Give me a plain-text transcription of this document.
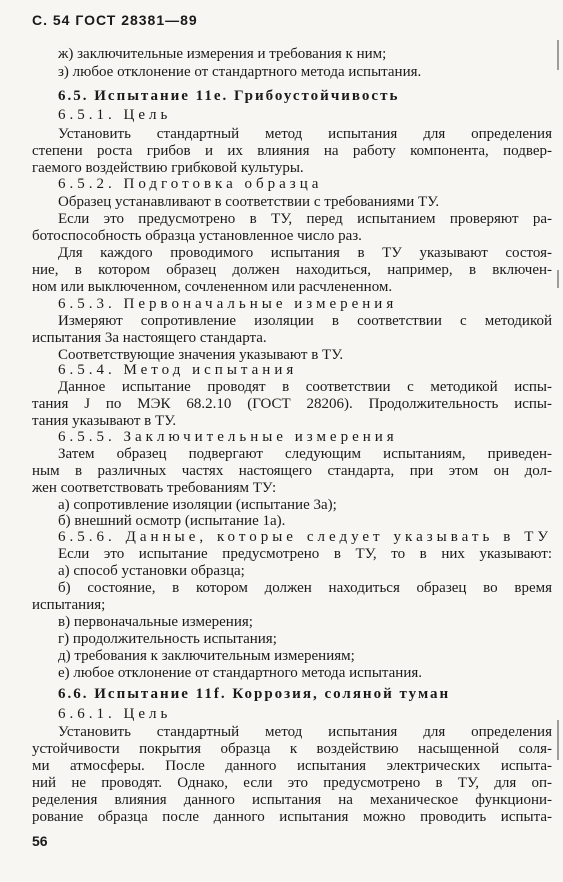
С. 54 ГОСТ 28381—89
ж) заключительные измерения и требования к ним;
з) любое отклонение от стандартного метода испытания.
6.5. Испытание 11е. Грибоустойчивость
6.5.1. Цель
Установить стандартный метод испытания для определения
степени роста грибов и их влияния на работу компонента, подвер-
гаемого воздействию грибковой культуры.
6.5.2. Подготовка образца
Образец устанавливают в соответствии с требованиями ТУ.
Если это предусмотрено в ТУ, перед испытанием проверяют ра-
ботоспособность образца установленное число раз.
Для каждого проводимого испытания в ТУ указывают состоя-
ние, в котором образец должен находиться, например, в включен-
ном или выключенном, сочлененном или расчлененном.
6.5.3. Первоначальные измерения
Измеряют сопротивление изоляции в соответствии с методикой
испытания 3а настоящего стандарта.
Соответствующие значения указывают в ТУ.
6.5.4. Метод испытания
Данное испытание проводят в соответствии с методикой испы-
тания J по МЭК 68.2.10 (ГОСТ 28206). Продолжительность испы-
тания указывают в ТУ.
6.5.5. Заключительные измерения
Затем образец подвергают следующим испытаниям, приведен-
ным в различных частях настоящего стандарта, при этом он дол-
жен соответствовать требованиям ТУ:
а) сопротивление изоляции (испытание 3а);
б) внешний осмотр (испытание 1а).
6.5.6. Данные, которые следует указывать в ТУ
Если это испытание предусмотрено в ТУ, то в них указывают:
а) способ установки образца;
б) состояние, в котором должен находиться образец во время
испытания;
в) первоначальные измерения;
г) продолжительность испытания;
д) требования к заключительным измерениям;
е) любое отклонение от стандартного метода испытания.
6.6. Испытание 11f. Коррозия, соляной туман
6.6.1. Цель
Установить стандартный метод испытания для определения
устойчивости покрытия образца к воздействию насыщенной соля-
ми атмосферы. После данного испытания электрических испыта-
ний не проводят. Однако, если это предусмотрено в ТУ, для оп-
ределения влияния данного испытания на механическое функциони-
рование образца после данного испытания можно проводить испыта-
56
